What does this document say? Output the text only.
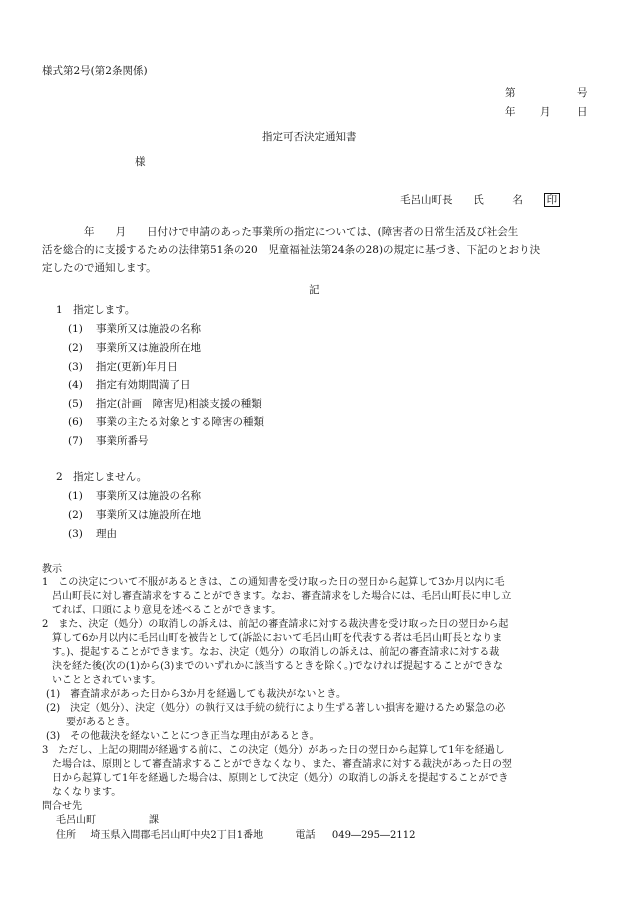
様式第2号(第2条関係)
第	号
年 月	日
指定可否決定通知書
様
毛呂山町長 氏	名 印
　　　　年　　月　　日付けで申請のあった事業所の指定については、(障害者の日常生活及び社会生
活を総合的に支援するための法律第51条の20　児童福祉法第24条の28)の規定に基づき、下記のとおり決
定したので通知します。
記
1　指定します。
(1) 事業所又は施設の名称
(2) 事業所又は施設所在地
(3) 指定(更新)年月日
(4) 指定有効期間満了日
(5) 指定(計画　障害児)相談支援の種類
(6) 事業の主たる対象とする障害の種類
(7) 事業所番号
2　指定しません。
(1) 事業所又は施設の名称
(2) 事業所又は施設所在地
(3) 理由
教示
1　この決定について不服があるときは、この通知書を受け取った日の翌日から起算して3か月以内に毛
　呂山町長に対し審査請求をすることができます。なお、審査請求をした場合には、毛呂山町長に申し立
　てれば、口頭により意見を述べることができます。
2　また、決定（処分）の取消しの訴えは、前記の審査請求に対する裁決書を受け取った日の翌日から起
　算して6か月以内に毛呂山町を被告として(訴訟において毛呂山町を代表する者は毛呂山町長となりま
　す。)、提起することができます。なお、決定（処分）の取消しの訴えは、前記の審査請求に対する裁
　決を経た後(次の(1)から(3)までのいずれかに該当するときを除く。)でなければ提起することができな
　いこととされています。
(1)　審査請求があった日から3か月を経過しても裁決がないとき。
(2)　決定（処分）、決定（処分）の執行又は手続の続行により生ずる著しい損害を避けるため緊急の必
　　要があるとき。
(3)　その他裁決を経ないことにつき正当な理由があるとき。
3　ただし、上記の期間が経過する前に、この決定（処分）があった日の翌日から起算して1年を経過し
　た場合は、原則として審査請求することができなくなり、また、審査請求に対する裁決があった日の翌
　日から起算して1年を経過した場合は、原則として決定（処分）の取消しの訴えを提起することができ
　なくなります。
問合せ先
毛呂山町	課
住所 埼玉県入間郡毛呂山町中央2丁目1番地	電話 049―295―2112
